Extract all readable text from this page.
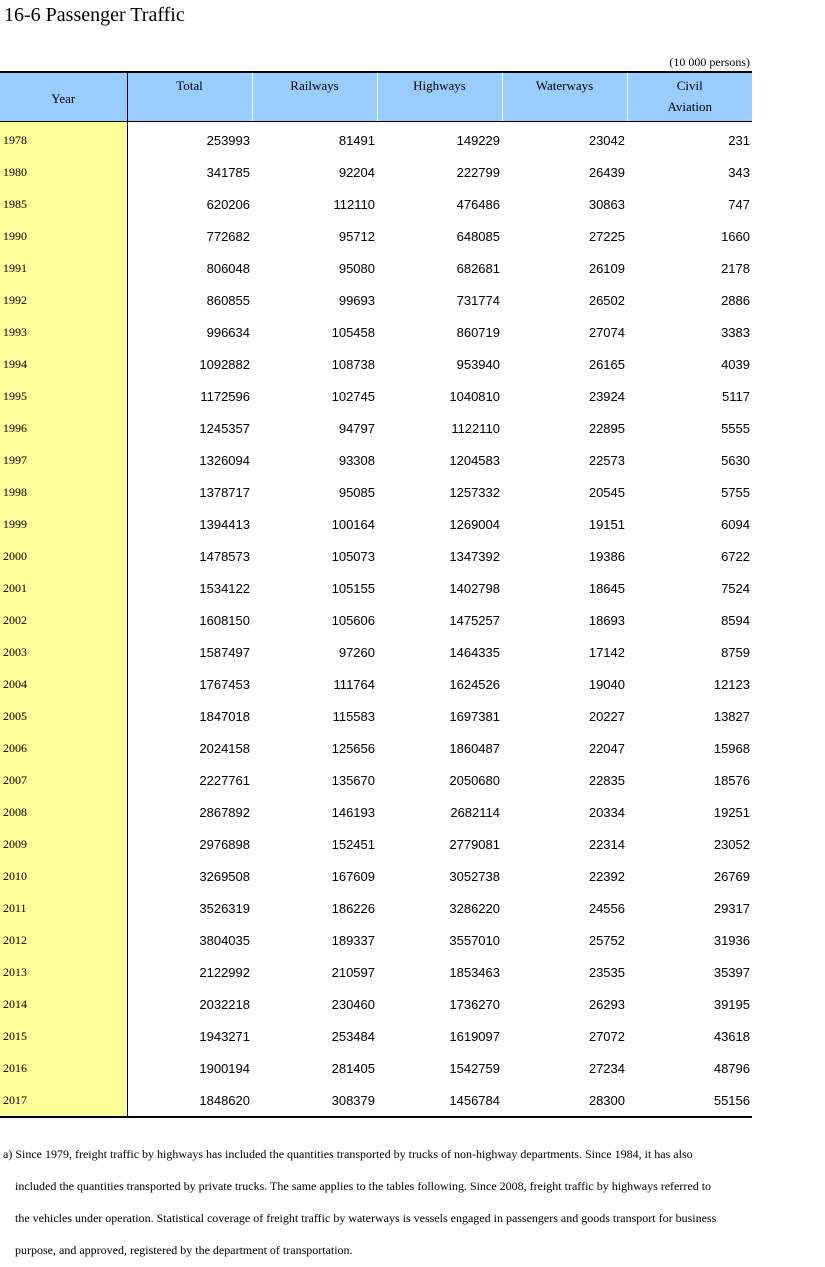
16-6 Passenger Traffic
(10 000 persons)
Year	Total	Railways	Highways	Waterways	Civil
Aviation

1978	253993	81491	149229	23042	231
1980	341785	92204	222799	26439	343
1985	620206	112110	476486	30863	747
1990	772682	95712	648085	27225	1660
1991	806048	95080	682681	26109	2178
1992	860855	99693	731774	26502	2886
1993	996634	105458	860719	27074	3383
1994	1092882	108738	953940	26165	4039
1995	1172596	102745	1040810	23924	5117
1996	1245357	94797	1122110	22895	5555
1997	1326094	93308	1204583	22573	5630
1998	1378717	95085	1257332	20545	5755
1999	1394413	100164	1269004	19151	6094
2000	1478573	105073	1347392	19386	6722
2001	1534122	105155	1402798	18645	7524
2002	1608150	105606	1475257	18693	8594
2003	1587497	97260	1464335	17142	8759
2004	1767453	111764	1624526	19040	12123
2005	1847018	115583	1697381	20227	13827
2006	2024158	125656	1860487	22047	15968
2007	2227761	135670	2050680	22835	18576
2008	2867892	146193	2682114	20334	19251
2009	2976898	152451	2779081	22314	23052
2010	3269508	167609	3052738	22392	26769
2011	3526319	186226	3286220	24556	29317
2012	3804035	189337	3557010	25752	31936
2013	2122992	210597	1853463	23535	35397
2014	2032218	230460	1736270	26293	39195
2015	1943271	253484	1619097	27072	43618
2016	1900194	281405	1542759	27234	48796
2017	1848620	308379	1456784	28300	55156
a) Since 1979, freight traffic by highways has included the quantities transported by trucks of non-highway departments. Since 1984, it has also
included the quantities transported by private trucks. The same applies to the tables following. Since 2008, freight traffic by highways referred to
the vehicles under operation. Statistical coverage of freight traffic by waterways is vessels engaged in passengers and goods transport for business
purpose, and approved, registered by the department of transportation.
